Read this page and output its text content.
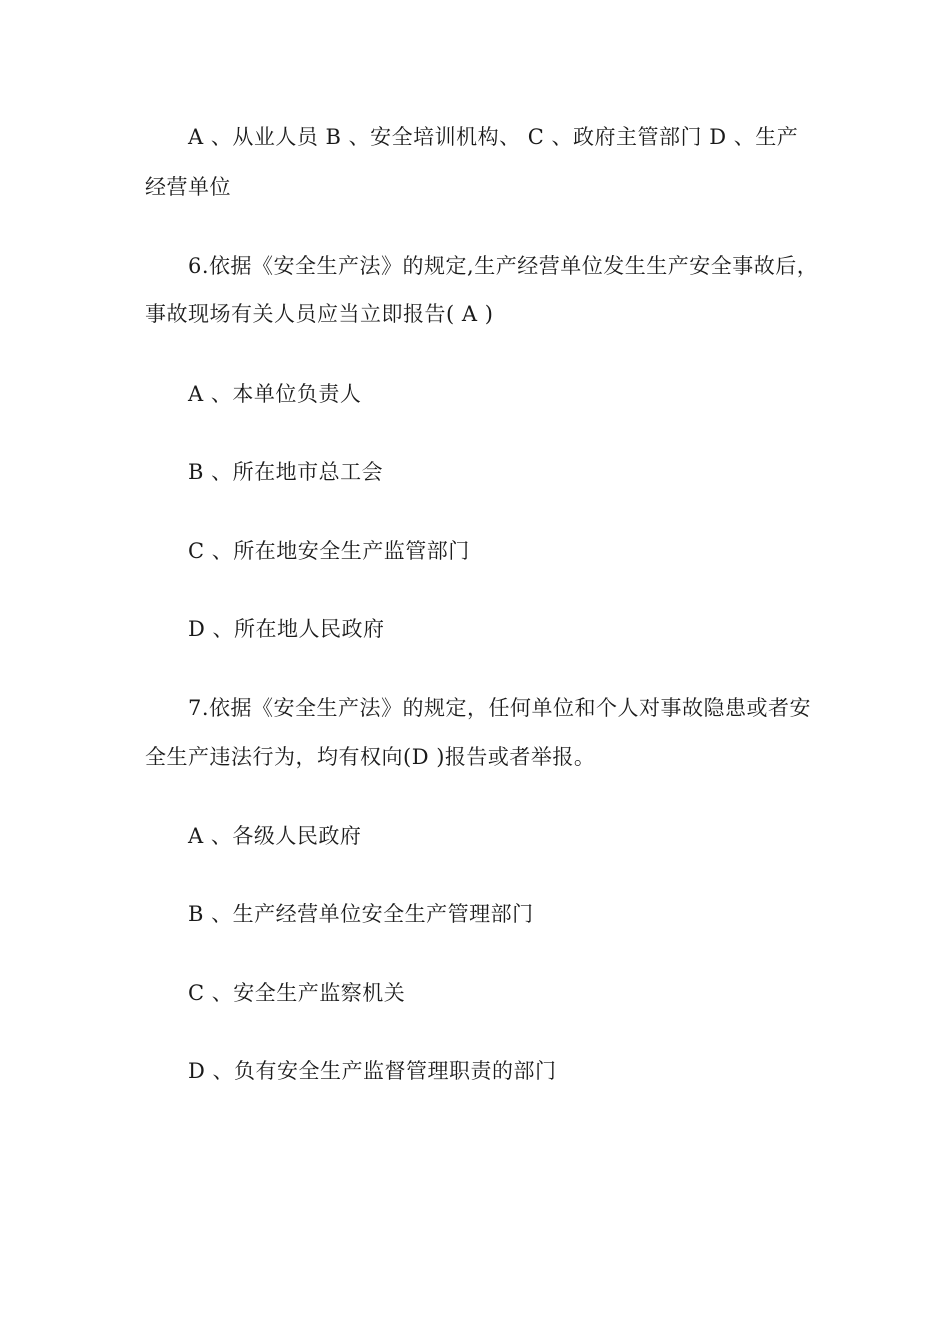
A 、从业人员 B 、安全培训机构、 C 、政府主管部门 D 、生产
经营单位
6.依据《安全生产法》的规定,生产经营单位发生生产安全事故后，
事故现场有关人员应当立即报告( A )
A 、本单位负责人
B 、所在地市总工会
C 、所在地安全生产监管部门
D 、所在地人民政府
7.依据《安全生产法》的规定，任何单位和个人对事故隐患或者安
全生产违法行为，均有权向(D )报告或者举报。
A 、各级人民政府
B 、生产经营单位安全生产管理部门
C 、安全生产监察机关
D 、负有安全生产监督管理职责的部门
